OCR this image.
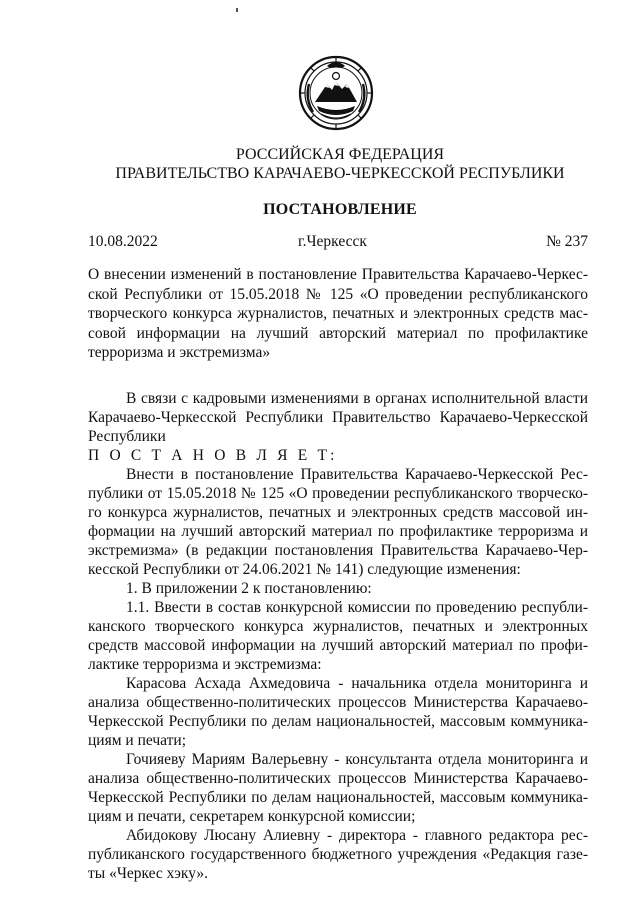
РОССИЙСКАЯ ФЕДЕРАЦИЯ
ПРАВИТЕЛЬСТВО КАРАЧАЕВО-ЧЕРКЕССКОЙ РЕСПУБЛИКИ
ПОСТАНОВЛЕНИЕ
10.08.2022	г.Черкесск	№ 237
О внесении изменений в постановление Правительства Карачаево-Черкес-
ской Республики от 15.05.2018 № 125 «О проведении республиканского
творческого конкурса журналистов, печатных и электронных средств мас-
совой информации на лучший авторский материал по профилактике
терроризма и экстремизма»
В связи с кадровыми изменениями в органах исполнительной власти
Карачаево-Черкесской Республики Правительство Карачаево-Черкесской
Республики
П О С Т А Н О В Л Я Е Т:
Внести в постановление Правительства Карачаево-Черкесской Рес-
публики от 15.05.2018 № 125 «О проведении республиканского творческо-
го конкурса журналистов, печатных и электронных средств массовой ин-
формации на лучший авторский материал по профилактике терроризма и
экстремизма» (в редакции постановления Правительства Карачаево-Чер-
кесской Республики от 24.06.2021 № 141) следующие изменения:
1. В приложении 2 к постановлению:
1.1. Ввести в состав конкурсной комиссии по проведению республи-
канского творческого конкурса журналистов, печатных и электронных
средств массовой информации на лучший авторский материал по профи-
лактике терроризма и экстремизма:
Карасова Асхада Ахмедовича - начальника отдела мониторинга и
анализа общественно-политических процессов Министерства Карачаево-
Черкесской Республики по делам национальностей, массовым коммуника-
циям и печати;
Гочияеву Мариям Валерьевну - консультанта отдела мониторинга и
анализа общественно-политических процессов Министерства Карачаево-
Черкесской Республики по делам национальностей, массовым коммуника-
циям и печати, секретарем конкурсной комиссии;
Абидокову Люсану Алиевну - директора - главного редактора рес-
публиканского государственного бюджетного учреждения «Редакция газе-
ты «Черкес хэку».
